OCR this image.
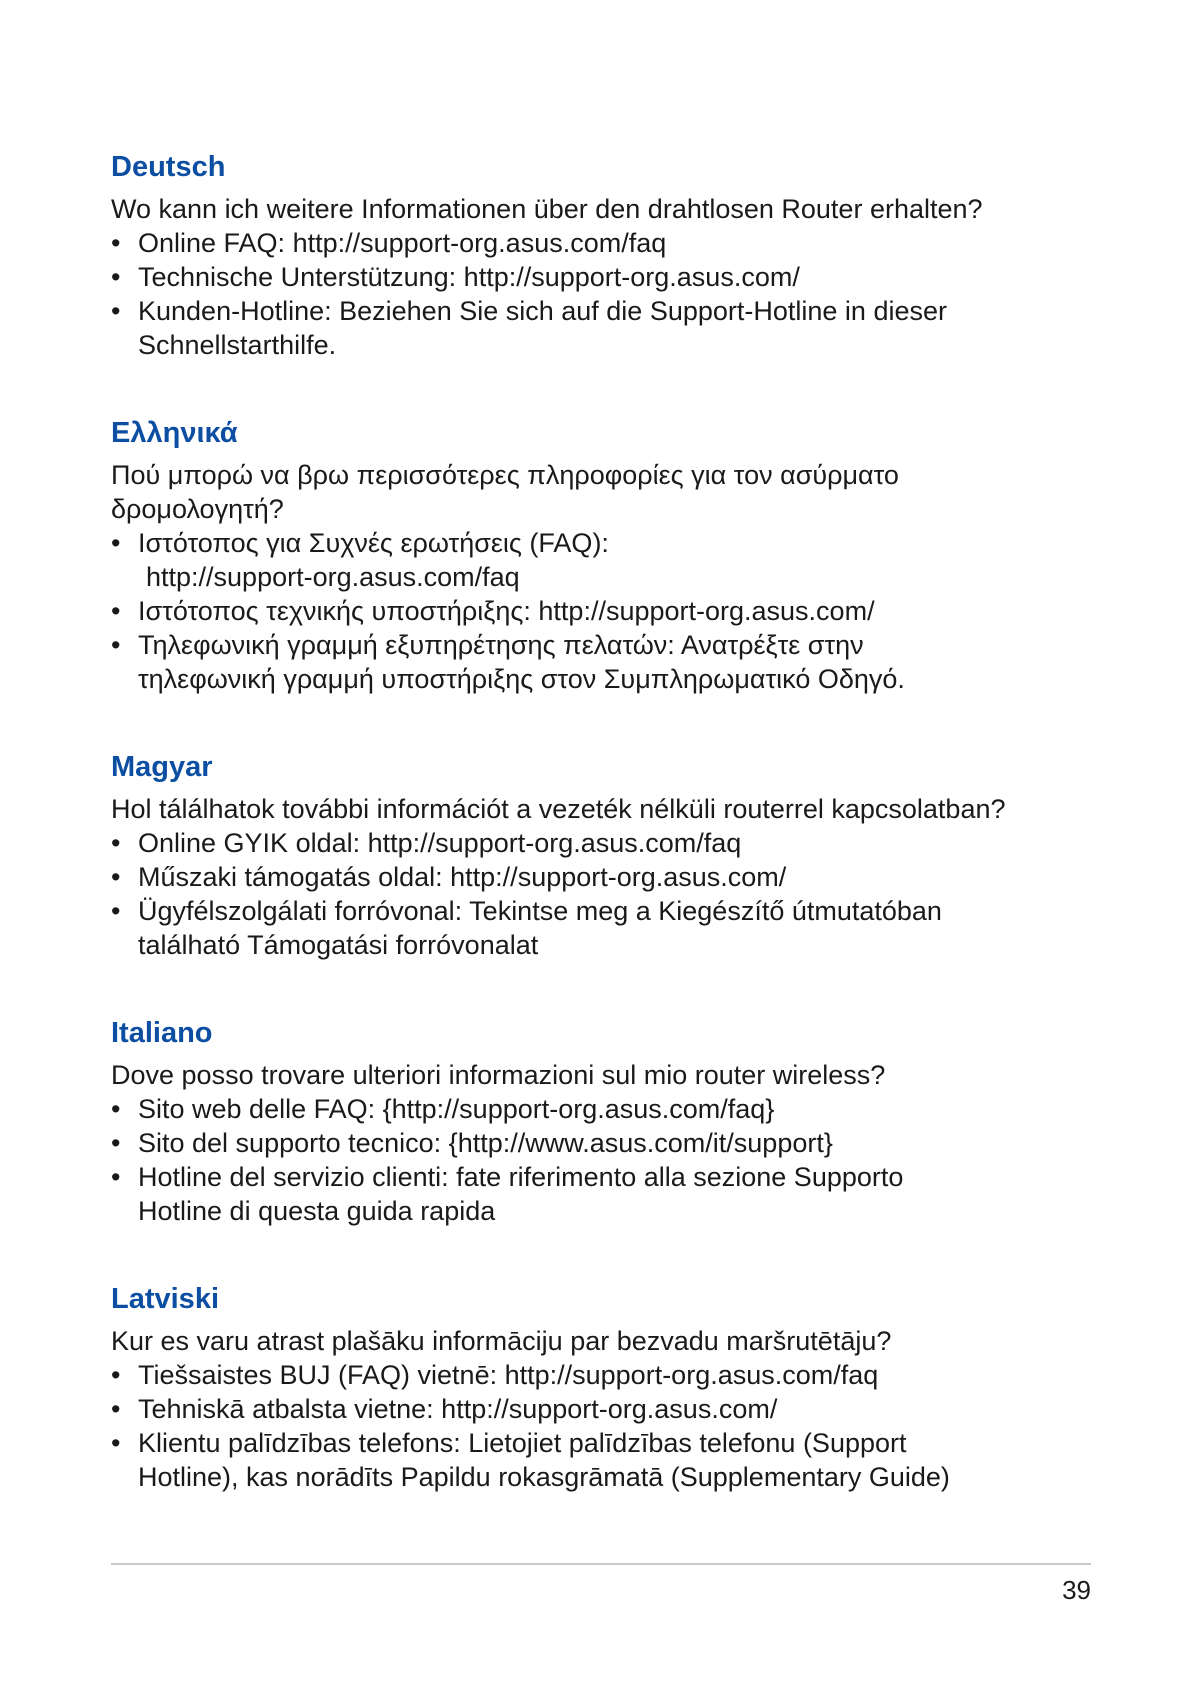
Deutsch

Wo kann ich weitere Informationen über den drahtlosen Router erhalten?

• Online FAQ: http://support-org.asus.com/faq
• Technische Unterstützung: http://support-org.asus.com/
• Kunden-Hotline: Beziehen Sie sich auf die Support-Hotline in dieser
Schnellstarthilfe.
Ελληνικά

Πού μπορώ να βρω περισσότερες πληροφορίες για τον ασύρματο
δρομολογητή?

• Ιστότοπος για Συχνές ερωτήσεις (FAQ):
http://support-org.asus.com/faq
• Ιστότοπος τεχνικής υποστήριξης: http://support-org.asus.com/
• Τηλεφωνική γραμμή εξυπηρέτησης πελατών: Ανατρέξτε στην
τηλεφωνική γραμμή υποστήριξης στον Συμπληρωματικό Οδηγό.
Magyar

Hol tálálhatok további információt a vezeték nélküli routerrel kapcsolatban?

• Online GYIK oldal: http://support-org.asus.com/faq
• Műszaki támogatás oldal: http://support-org.asus.com/
• Ügyfélszolgálati forróvonal: Tekintse meg a Kiegészítő útmutatóban
található Támogatási forróvonalat
Italiano

Dove posso trovare ulteriori informazioni sul mio router wireless?

• Sito web delle FAQ: {http://support-org.asus.com/faq}
• Sito del supporto tecnico: {http://www.asus.com/it/support}
• Hotline del servizio clienti: fate riferimento alla sezione Supporto
Hotline di questa guida rapida
Latviski

Kur es varu atrast plašāku informāciju par bezvadu maršrutētāju?

• Tiešsaistes BUJ (FAQ) vietnē: http://support-org.asus.com/faq
• Tehniskā atbalsta vietne: http://support-org.asus.com/
• Klientu palīdzības telefons: Lietojiet palīdzības telefonu (Support
Hotline), kas norādīts Papildu rokasgrāmatā (Supplementary Guide)
39
